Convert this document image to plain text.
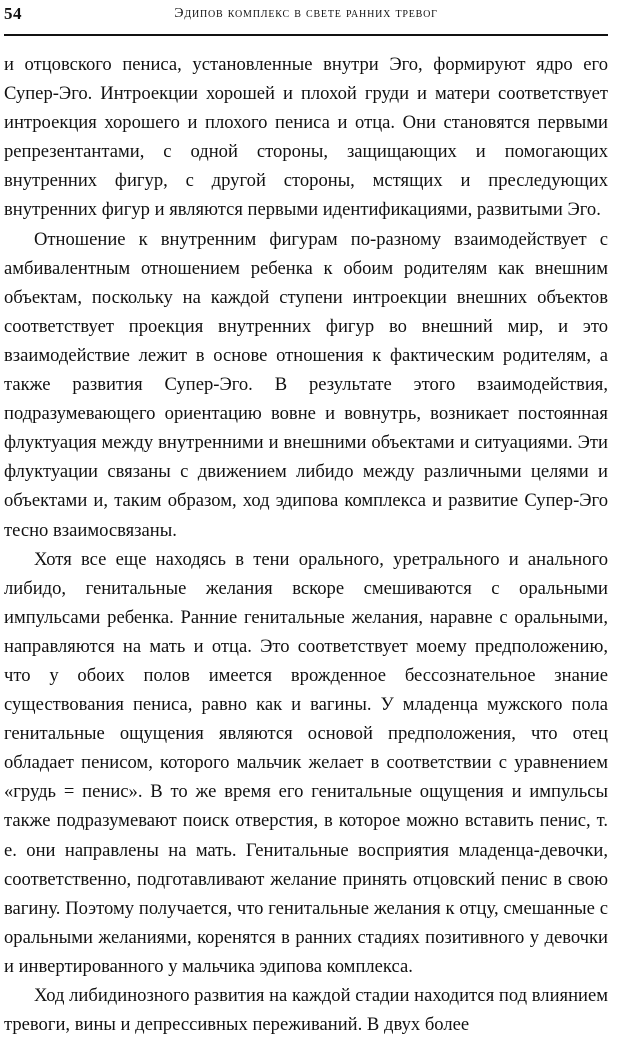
54	Эдипов комплекс в свете ранних тревог

и отцовского пениса, установленные внутри Эго, формируют ядро его Супер-Эго. Интроекции хорошей и плохой груди и матери соответствует интроекция хорошего и плохого пениса и отца. Они становятся первыми репрезентантами, с одной стороны, защищающих и помогающих внутренних фигур, с другой стороны, мстящих и преследующих внутренних фигур и являются первыми идентификациями, развитыми Эго.

Отношение к внутренним фигурам по-разному взаимодействует с амбивалентным отношением ребенка к обоим родителям как внешним объектам, поскольку на каждой ступени интроекции внешних объектов соответствует проекция внутренних фигур во внешний мир, и это взаимодействие лежит в основе отношения к фактическим родителям, а также развития Супер-Эго. В результате этого взаимодействия, подразумевающего ориентацию вовне и вовнутрь, возникает постоянная флуктуация между внутренними и внешними объектами и ситуациями. Эти флуктуации связаны с движением либидо между различными целями и объектами и, таким образом, ход эдипова комплекса и развитие Супер-Эго тесно взаимосвязаны.

Хотя все еще находясь в тени орального, уретрального и анального либидо, генитальные желания вскоре смешиваются с оральными импульсами ребенка. Ранние генитальные желания, наравне с оральными, направляются на мать и отца. Это соответствует моему предположению, что у обоих полов имеется врожденное бессознательное знание существования пениса, равно как и вагины. У младенца мужского пола генитальные ощущения являются основой предположения, что отец обладает пенисом, которого мальчик желает в соответствии с уравнением «грудь = пенис». В то же время его генитальные ощущения и импульсы также подразумевают поиск отверстия, в которое можно вставить пенис, т. е. они направлены на мать. Генитальные восприятия младенца-девочки, соответственно, подготавливают желание принять отцовский пенис в свою вагину. Поэтому получается, что генитальные желания к отцу, смешанные с оральными желаниями, коренятся в ранних стадиях позитивного у девочки и инвертированного у мальчика эдипова комплекса.

Ход либидинозного развития на каждой стадии находится под влиянием тревоги, вины и депрессивных переживаний. В двух более
